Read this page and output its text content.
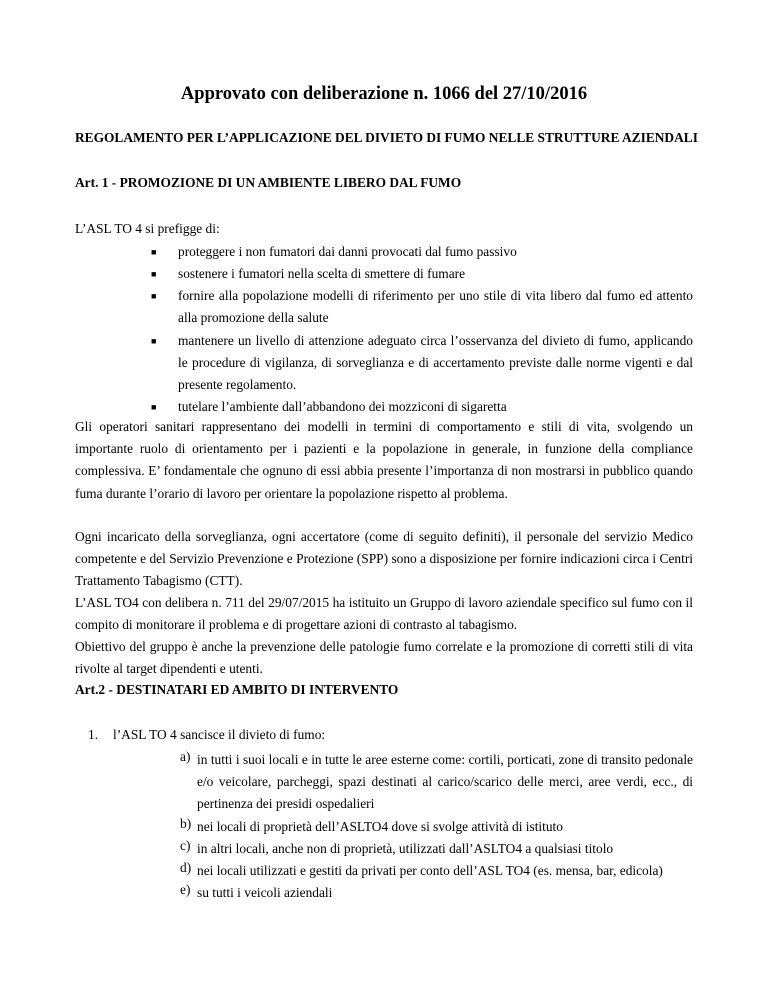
Approvato con deliberazione n. 1066 del 27/10/2016
REGOLAMENTO PER L’APPLICAZIONE DEL DIVIETO DI FUMO NELLE STRUTTURE AZIENDALI
Art. 1 - PROMOZIONE DI UN AMBIENTE LIBERO DAL FUMO
L’ASL TO 4 si prefigge di:
■ proteggere i non fumatori dai danni provocati dal fumo passivo
■ sostenere i fumatori nella scelta di smettere di fumare
■ fornire alla popolazione modelli di riferimento per uno stile di vita libero dal fumo ed attento alla promozione della salute
■ mantenere un livello di attenzione adeguato circa l’osservanza del divieto di fumo, applicando le procedure di vigilanza, di sorveglianza e di accertamento previste dalle norme vigenti e dal presente regolamento.
■ tutelare l’ambiente dall’abbandono dei mozziconi di sigaretta
Gli operatori sanitari rappresentano dei modelli in termini di comportamento e stili di vita, svolgendo un importante ruolo di orientamento per i pazienti e la popolazione in generale, in funzione della compliance complessiva. E’ fondamentale che ognuno di essi abbia presente l’importanza di non mostrarsi in pubblico quando fuma durante l’orario di lavoro per orientare la popolazione rispetto al problema.
Ogni incaricato della sorveglianza, ogni accertatore (come di seguito definiti), il personale del servizio Medico competente e del Servizio Prevenzione e Protezione (SPP) sono a disposizione per fornire indicazioni circa i Centri Trattamento Tabagismo (CTT).
L’ASL TO4 con delibera n. 711 del 29/07/2015 ha istituito un Gruppo di lavoro aziendale specifico sul fumo con il compito di monitorare il problema e di progettare azioni di contrasto al tabagismo.
Obiettivo del gruppo è anche la prevenzione delle patologie fumo correlate e la promozione di corretti stili di vita rivolte al target dipendenti e utenti.
Art.2 - DESTINATARI ED AMBITO DI INTERVENTO
1. l’ASL TO 4 sancisce il divieto di fumo:
a) in tutti i suoi locali e in tutte le aree esterne come: cortili, porticati, zone di transito pedonale e/o veicolare, parcheggi, spazi destinati al carico/scarico delle merci, aree verdi, ecc., di pertinenza dei presidi ospedalieri
b) nei locali di proprietà dell’ASLTO4 dove si svolge attività di istituto
c) in altri locali, anche non di proprietà, utilizzati dall’ASLTO4 a qualsiasi titolo
d) nei locali utilizzati e gestiti da privati per conto dell’ASL TO4 (es. mensa, bar, edicola)
e) su tutti i veicoli aziendali
